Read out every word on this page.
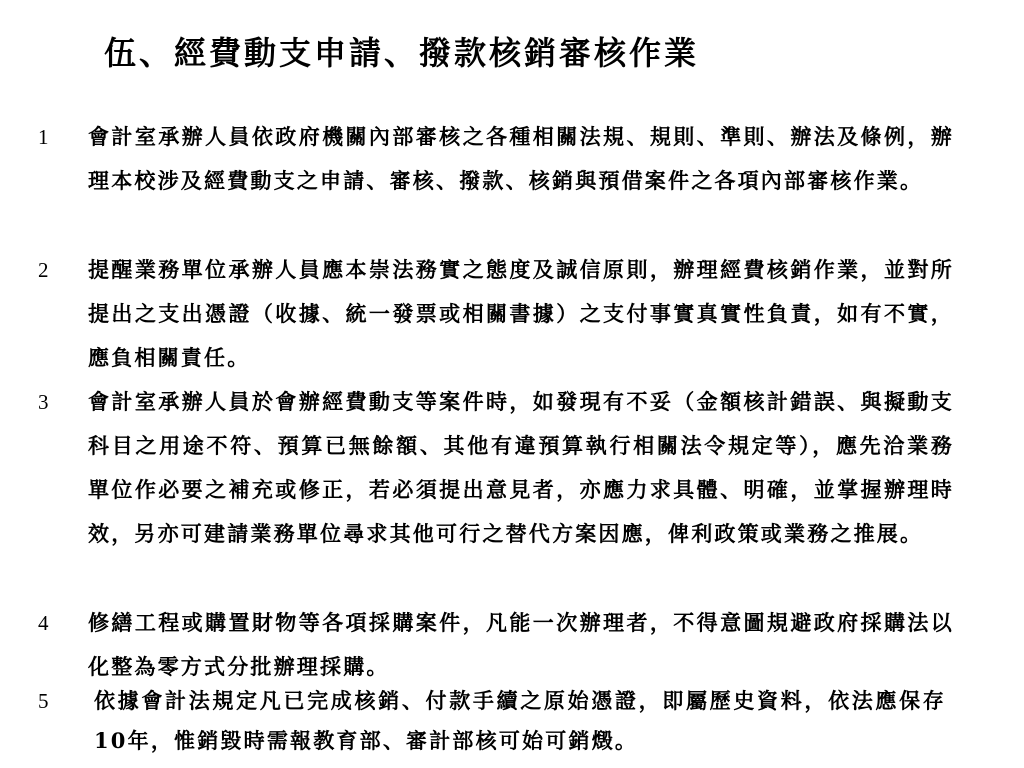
伍、經費動支申請、撥款核銷審核作業
1 會計室承辦人員依政府機關內部審核之各種相關法規、規則、準則、辦法及條例，辦理本校涉及經費動支之申請、審核、撥款、核銷與預借案件之各項內部審核作業。
2 提醒業務單位承辦人員應本崇法務實之態度及誠信原則，辦理經費核銷作業，並對所提出之支出憑證（收據、統一發票或相關書據）之支付事實真實性負責，如有不實，應負相關責任。
3 會計室承辦人員於會辦經費動支等案件時，如發現有不妥（金額核計錯誤、與擬動支科目之用途不符、預算已無餘額、其他有違預算執行相關法令規定等），應先洽業務單位作必要之補充或修正，若必須提出意見者，亦應力求具體、明確，並掌握辦理時效，另亦可建請業務單位尋求其他可行之替代方案因應，俾利政策或業務之推展。
4 修繕工程或購置財物等各項採購案件，凡能一次辦理者，不得意圖規避政府採購法以化整為零方式分批辦理採購。
5 依據會計法規定凡已完成核銷、付款手續之原始憑證，即屬歷史資料，依法應保存10年，惟銷毀時需報教育部、審計部核可始可銷燬。
